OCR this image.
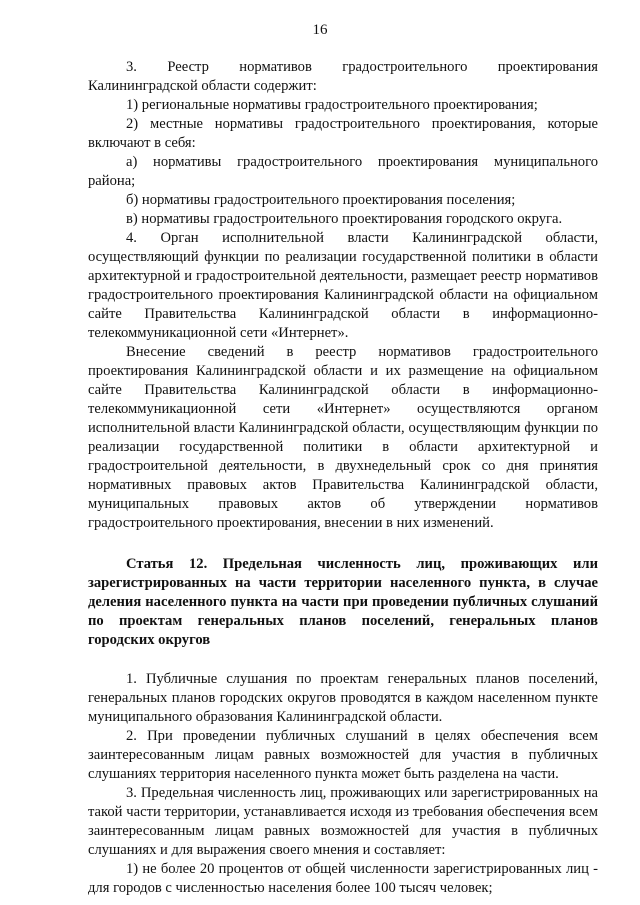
16

3. Реестр нормативов градостроительного проектирования Калининградской области содержит:

1) региональные нормативы градостроительного проектирования;

2) местные нормативы градостроительного проектирования, которые включают в себя:

а) нормативы градостроительного проектирования муниципального района;

б) нормативы градостроительного проектирования поселения;

в) нормативы градостроительного проектирования городского округа.

4. Орган исполнительной власти Калининградской области, осуществляющий функции по реализации государственной политики в области архитектурной и градостроительной деятельности, размещает реестр нормативов градостроительного проектирования Калининградской области на официальном сайте Правительства Калининградской области в информационно-телекоммуникационной сети «Интернет».

Внесение сведений в реестр нормативов градостроительного проектирования Калининградской области и их размещение на официальном сайте Правительства Калининградской области в информационно-телекоммуникационной сети «Интернет» осуществляются органом исполнительной власти Калининградской области, осуществляющим функции по реализации государственной политики в области архитектурной и градостроительной деятельности, в двухнедельный срок со дня принятия нормативных правовых актов Правительства Калининградской области, муниципальных правовых актов об утверждении нормативов градостроительного проектирования, внесении в них изменений.

Статья 12. Предельная численность лиц, проживающих или зарегистрированных на части территории населенного пункта, в случае деления населенного пункта на части при проведении публичных слушаний по проектам генеральных планов поселений, генеральных планов городских округов

1. Публичные слушания по проектам генеральных планов поселений, генеральных планов городских округов проводятся в каждом населенном пункте муниципального образования Калининградской области.

2. При проведении публичных слушаний в целях обеспечения всем заинтересованным лицам равных возможностей для участия в публичных слушаниях территория населенного пункта может быть разделена на части.

3. Предельная численность лиц, проживающих или зарегистрированных на такой части территории, устанавливается исходя из требования обеспечения всем заинтересованным лицам равных возможностей для участия в публичных слушаниях и для выражения своего мнения и составляет:

1) не более 20 процентов от общей численности зарегистрированных лиц - для городов с численностью населения более 100 тысяч человек;
